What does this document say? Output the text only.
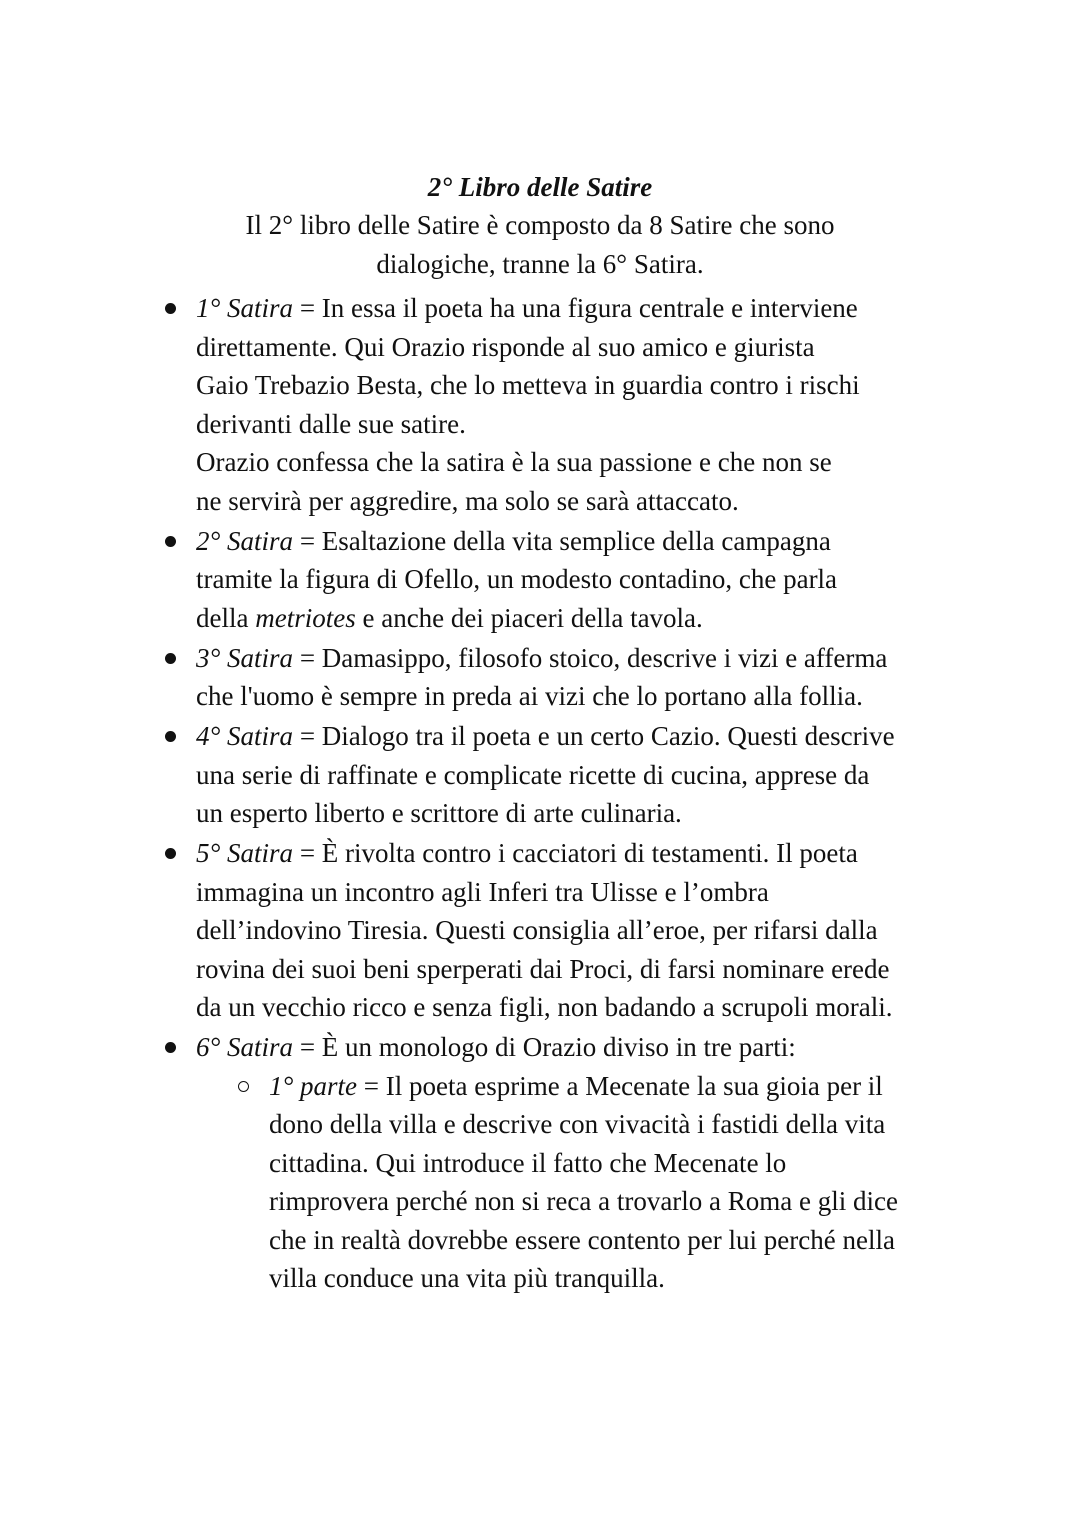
2° Libro delle Satire
Il 2° libro delle Satire è composto da 8 Satire che sono
dialogiche, tranne la 6° Satira.
1° Satira = In essa il poeta ha una figura centrale e interviene
direttamente. Qui Orazio risponde al suo amico e giurista
Gaio Trebazio Besta, che lo metteva in guardia contro i rischi
derivanti dalle sue satire.
Orazio confessa che la satira è la sua passione e che non se
ne servirà per aggredire, ma solo se sarà attaccato.
2° Satira = Esaltazione della vita semplice della campagna
tramite la figura di Ofello, un modesto contadino, che parla
della metriotes e anche dei piaceri della tavola.
3° Satira = Damasippo, filosofo stoico, descrive i vizi e afferma
che l'uomo è sempre in preda ai vizi che lo portano alla follia.
4° Satira = Dialogo tra il poeta e un certo Cazio. Questi descrive
una serie di raffinate e complicate ricette di cucina, apprese da
un esperto liberto e scrittore di arte culinaria.
5° Satira = È rivolta contro i cacciatori di testamenti. Il poeta
immagina un incontro agli Inferi tra Ulisse e l’ombra
dell’indovino Tiresia. Questi consiglia all’eroe, per rifarsi dalla
rovina dei suoi beni sperperati dai Proci, di farsi nominare erede
da un vecchio ricco e senza figli, non badando a scrupoli morali.
6° Satira = È un monologo di Orazio diviso in tre parti:
1° parte = Il poeta esprime a Mecenate la sua gioia per il
dono della villa e descrive con vivacità i fastidi della vita
cittadina. Qui introduce il fatto che Mecenate lo
rimprovera perché non si reca a trovarlo a Roma e gli dice
che in realtà dovrebbe essere contento per lui perché nella
villa conduce una vita più tranquilla.
